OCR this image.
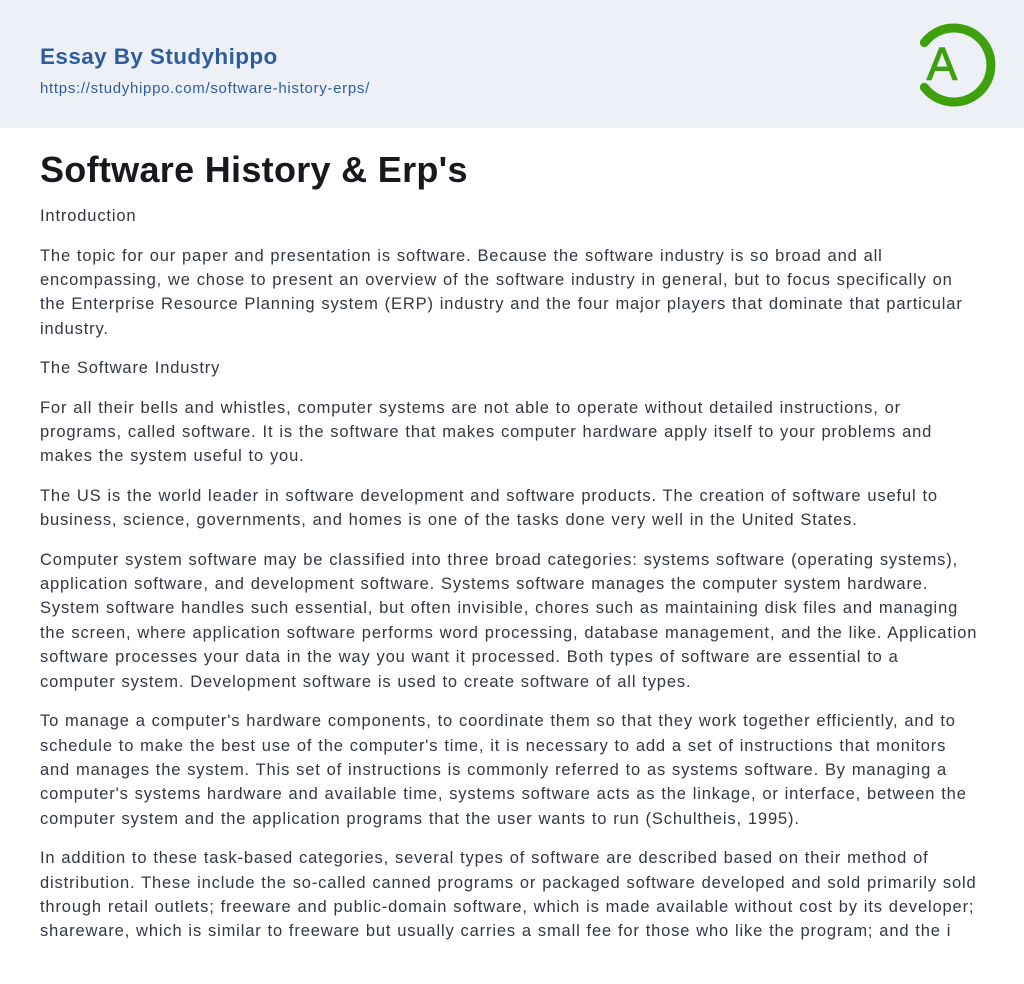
Essay By Studyhippo
https://studyhippo.com/software-history-erps/	A
Software History & Erp's

Introduction

The topic for our paper and presentation is software. Because the software industry is so broad and all encompassing, we chose to present an overview of the software industry in general, but to focus specifically on the Enterprise Resource Planning system (ERP) industry and the four major players that dominate that particular industry.

The Software Industry

For all their bells and whistles, computer systems are not able to operate without detailed instructions, or programs, called software. It is the software that makes computer hardware apply itself to your problems and makes the system useful to you.

The US is the world leader in software development and software products. The creation of software useful to business, science, governments, and homes is one of the tasks done very well in the United States.

Computer system software may be classified into three broad categories: systems software (operating systems), application software, and development software. Systems software manages the computer system hardware. System software handles such essential, but often invisible, chores such as maintaining disk files and managing the screen, where application software performs word processing, database management, and the like. Application software processes your data in the way you want it processed. Both types of software are essential to a computer system. Development software is used to create software of all types.

To manage a computer's hardware components, to coordinate them so that they work together efficiently, and to schedule to make the best use of the computer's time, it is necessary to add a set of instructions that monitors and manages the system. This set of instructions is commonly referred to as systems software. By managing a computer's systems hardware and available time, systems software acts as the linkage, or interface, between the computer system and the application programs that the user wants to run (Schultheis, 1995).

In addition to these task-based categories, several types of software are described based on their method of distribution. These include the so-called canned programs or packaged software developed and sold primarily sold through retail outlets; freeware and public-domain software, which is made available without cost by its developer; shareware, which is similar to freeware but usually carries a small fee for those who like the program; and the i
